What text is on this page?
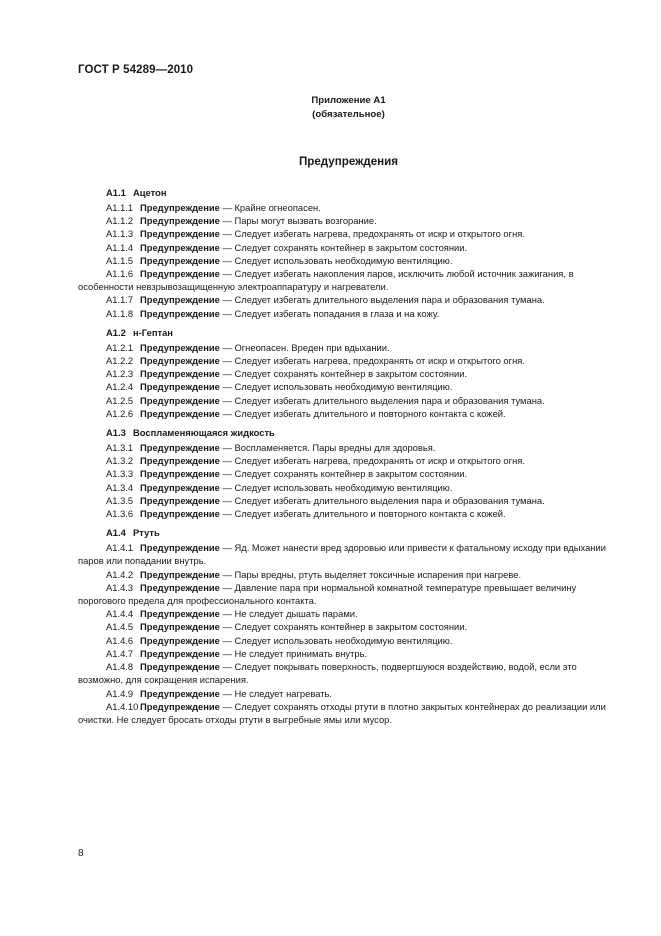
ГОСТ Р 54289—2010
Приложение А1
(обязательное)
Предупреждения
А1.1 Ацетон
А1.1.1 Предупреждение — Крайне огнеопасен.
А1.1.2 Предупреждение — Пары могут вызвать возгорание.
А1.1.3 Предупреждение — Следует избегать нагрева, предохранять от искр и открытого огня.
А1.1.4 Предупреждение — Следует сохранять контейнер в закрытом состоянии.
А1.1.5 Предупреждение — Следует использовать необходимую вентиляцию.
А1.1.6 Предупреждение — Следует избегать накопления паров, исключить любой источник зажигания, в особенности невзрывозащищенную электроаппаратуру и нагреватели.
А1.1.7 Предупреждение — Следует избегать длительного выделения пара и образования тумана.
А1.1.8 Предупреждение — Следует избегать попадания в глаза и на кожу.
А1.2 н-Гептан
А1.2.1 Предупреждение — Огнеопасен. Вреден при вдыхании.
А1.2.2 Предупреждение — Следует избегать нагрева, предохранять от искр и открытого огня.
А1.2.3 Предупреждение — Следует сохранять контейнер в закрытом состоянии.
А1.2.4 Предупреждение — Следует использовать необходимую вентиляцию.
А1.2.5 Предупреждение — Следует избегать длительного выделения пара и образования тумана.
А1.2.6 Предупреждение — Следует избегать длительного и повторного контакта с кожей.
А1.3 Воспламеняющаяся жидкость
А1.3.1 Предупреждение — Воспламеняется. Пары вредны для здоровья.
А1.3.2 Предупреждение — Следует избегать нагрева, предохранять от искр и открытого огня.
А1.3.3 Предупреждение — Следует сохранять контейнер в закрытом состоянии.
А1.3.4 Предупреждение — Следует использовать необходимую вентиляцию.
А1.3.5 Предупреждение — Следует избегать длительного выделения пара и образования тумана.
А1.3.6 Предупреждение — Следует избегать длительного и повторного контакта с кожей.
А1.4 Ртуть
А1.4.1 Предупреждение — Яд. Может нанести вред здоровью или привести к фатальному исходу при вдыхании паров или попадании внутрь.
А1.4.2 Предупреждение — Пары вредны, ртуть выделяет токсичные испарения при нагреве.
А1.4.3 Предупреждение — Давление пара при нормальной комнатной температуре превышает величину порогового предела для профессионального контакта.
А1.4.4 Предупреждение — Не следует дышать парами.
А1.4.5 Предупреждение — Следует сохранять контейнер в закрытом состоянии.
А1.4.6 Предупреждение — Следует использовать необходимую вентиляцию.
А1.4.7 Предупреждение — Не следует принимать внутрь.
А1.4.8 Предупреждение — Следует покрывать поверхность, подвергшуюся воздействию, водой, если это возможно, для сокращения испарения.
А1.4.9 Предупреждение — Не следует нагревать.
А1.4.10 Предупреждение — Следует сохранять отходы ртути в плотно закрытых контейнерах до реализации или очистки. Не следует бросать отходы ртути в выгребные ямы или мусор.
8
